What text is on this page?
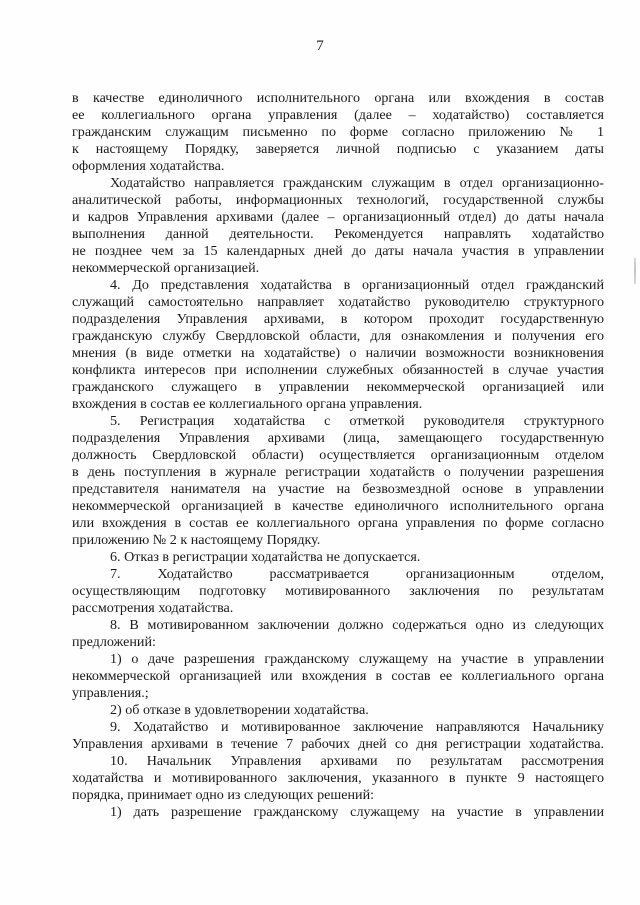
7
в качестве единоличного исполнительного органа или вхождения в состав
ее коллегиального органа управления (далее – ходатайство) составляется
гражданским служащим письменно по форме согласно приложению № 1
к настоящему Порядку, заверяется личной подписью с указанием даты
оформления ходатайства.
Ходатайство направляется гражданским служащим в отдел организационно-
аналитической работы, информационных технологий, государственной службы
и кадров Управления архивами (далее – организационный отдел) до даты начала
выполнения данной деятельности. Рекомендуется направлять ходатайство
не позднее чем за 15 календарных дней до даты начала участия в управлении
некоммерческой организацией.
4. До представления ходатайства в организационный отдел гражданский
служащий самостоятельно направляет ходатайство руководителю структурного
подразделения Управления архивами, в котором проходит государственную
гражданскую службу Свердловской области, для ознакомления и получения его
мнения (в виде отметки на ходатайстве) о наличии возможности возникновения
конфликта интересов при исполнении служебных обязанностей в случае участия
гражданского служащего в управлении некоммерческой организацией или
вхождения в состав ее коллегиального органа управления.
5. Регистрация ходатайства с отметкой руководителя структурного
подразделения Управления архивами (лица, замещающего государственную
должность Свердловской области) осуществляется организационным отделом
в день поступления в журнале регистрации ходатайств о получении разрешения
представителя нанимателя на участие на безвозмездной основе в управлении
некоммерческой организацией в качестве единоличного исполнительного органа
или вхождения в состав ее коллегиального органа управления по форме согласно
приложению № 2 к настоящему Порядку.
6. Отказ в регистрации ходатайства не допускается.
7. Ходатайство рассматривается организационным отделом,
осуществляющим подготовку мотивированного заключения по результатам
рассмотрения ходатайства.
8. В мотивированном заключении должно содержаться одно из следующих
предложений:
1) о даче разрешения гражданскому служащему на участие в управлении
некоммерческой организацией или вхождения в состав ее коллегиального органа
управления.;
2) об отказе в удовлетворении ходатайства.
9. Ходатайство и мотивированное заключение направляются Начальнику
Управления архивами в течение 7 рабочих дней со дня регистрации ходатайства.
10. Начальник Управления архивами по результатам рассмотрения
ходатайства и мотивированного заключения, указанного в пункте 9 настоящего
порядка, принимает одно из следующих решений:
1) дать разрешение гражданскому служащему на участие в управлении
